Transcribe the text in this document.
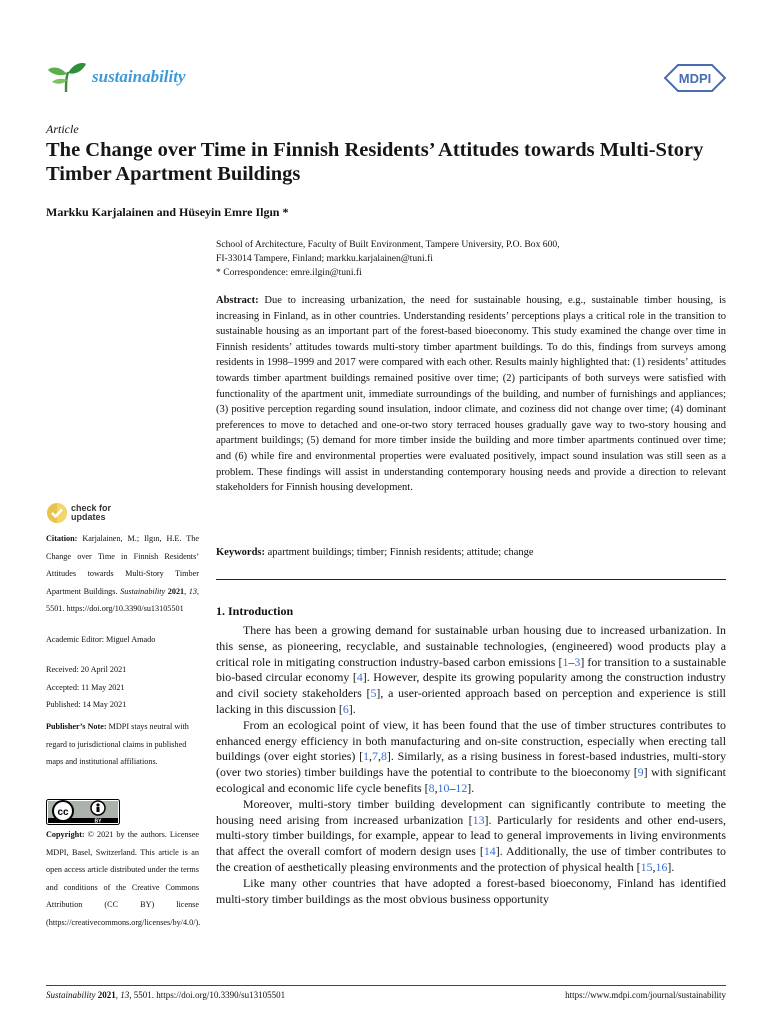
sustainability	MDPI
Article
The Change over Time in Finnish Residents’ Attitudes towards Multi-Story Timber Apartment Buildings
Markku Karjalainen and Hüseyin Emre Ilgın *
School of Architecture, Faculty of Built Environment, Tampere University, P.O. Box 600,
FI-33014 Tampere, Finland; markku.karjalainen@tuni.fi
* Correspondence: emre.ilgin@tuni.fi
Abstract: Due to increasing urbanization, the need for sustainable housing, e.g., sustainable timber housing, is increasing in Finland, as in other countries. Understanding residents’ perceptions plays a critical role in the transition to sustainable housing as an important part of the forest-based bioeconomy. This study examined the change over time in Finnish residents’ attitudes towards multi-story timber apartment buildings. To do this, findings from surveys among residents in 1998–1999 and 2017 were compared with each other. Results mainly highlighted that: (1) residents’ attitudes towards timber apartment buildings remained positive over time; (2) participants of both surveys were satisfied with functionality of the apartment unit, immediate surroundings of the building, and number of furnishings and appliances; (3) positive perception regarding sound insulation, indoor climate, and coziness did not change over time; (4) dominant preferences to move to detached and one-or-two story terraced houses gradually gave way to two-story housing and apartment buildings; (5) demand for more timber inside the building and more timber apartments continued over time; and (6) while fire and environmental properties were evaluated positively, impact sound insulation was still seen as a problem. These findings will assist in understanding contemporary housing needs and provide a direction to relevant stakeholders for Finnish housing development.
Keywords: apartment buildings; timber; Finnish residents; attitude; change
1. Introduction

There has been a growing demand for sustainable urban housing due to increased urbanization. In this sense, as pioneering, recyclable, and sustainable technologies, (engineered) wood products play a critical role in mitigating construction industry-based carbon emissions [1–3] for transition to a sustainable bio-based circular economy [4]. However, despite its growing popularity among the construction industry and civil society stakeholders [5], a user-oriented approach based on perception and experience is still lacking in this discussion [6].

From an ecological point of view, it has been found that the use of timber structures contributes to enhanced energy efficiency in both manufacturing and on-site construction, especially when erecting tall buildings (over eight stories) [1,7,8]. Similarly, as a rising business in forest-based industries, multi-story (over two stories) timber buildings have the potential to contribute to the bioeconomy [9] with significant ecological and economic life cycle benefits [8,10–12].

Moreover, multi-story timber building development can significantly contribute to meeting the housing need arising from increased urbanization [13]. Particularly for residents and other end-users, multi-story timber buildings, for example, appear to lead to general improvements in living environments that affect the overall comfort of modern design uses [14]. Additionally, the use of timber contributes to the creation of aesthetically pleasing environments and the protection of physical health [15,16].

Like many other countries that have adopted a forest-based bioeconomy, Finland has identified multi-story timber buildings as the most obvious business opportunity

check for
updates
Citation: Karjalainen, M.; Ilgın, H.E. The Change over Time in Finnish Residents’ Attitudes towards Multi-Story Timber Apartment Buildings. Sustainability 2021, 13, 5501. https://doi.org/10.3390/su13105501
Academic Editor: Miguel Amado
Received: 20 April 2021
Accepted: 11 May 2021
Published: 14 May 2021
Publisher’s Note: MDPI stays neutral with regard to jurisdictional claims in published maps and institutional affiliations.
cc
BY
Copyright: © 2021 by the authors. Licensee MDPI, Basel, Switzerland. This article is an open access article distributed under the terms and conditions of the Creative Commons Attribution (CC BY) license (https://creativecommons.org/licenses/by/4.0/).
Sustainability 2021, 13, 5501. https://doi.org/10.3390/su13105501	https://www.mdpi.com/journal/sustainability
